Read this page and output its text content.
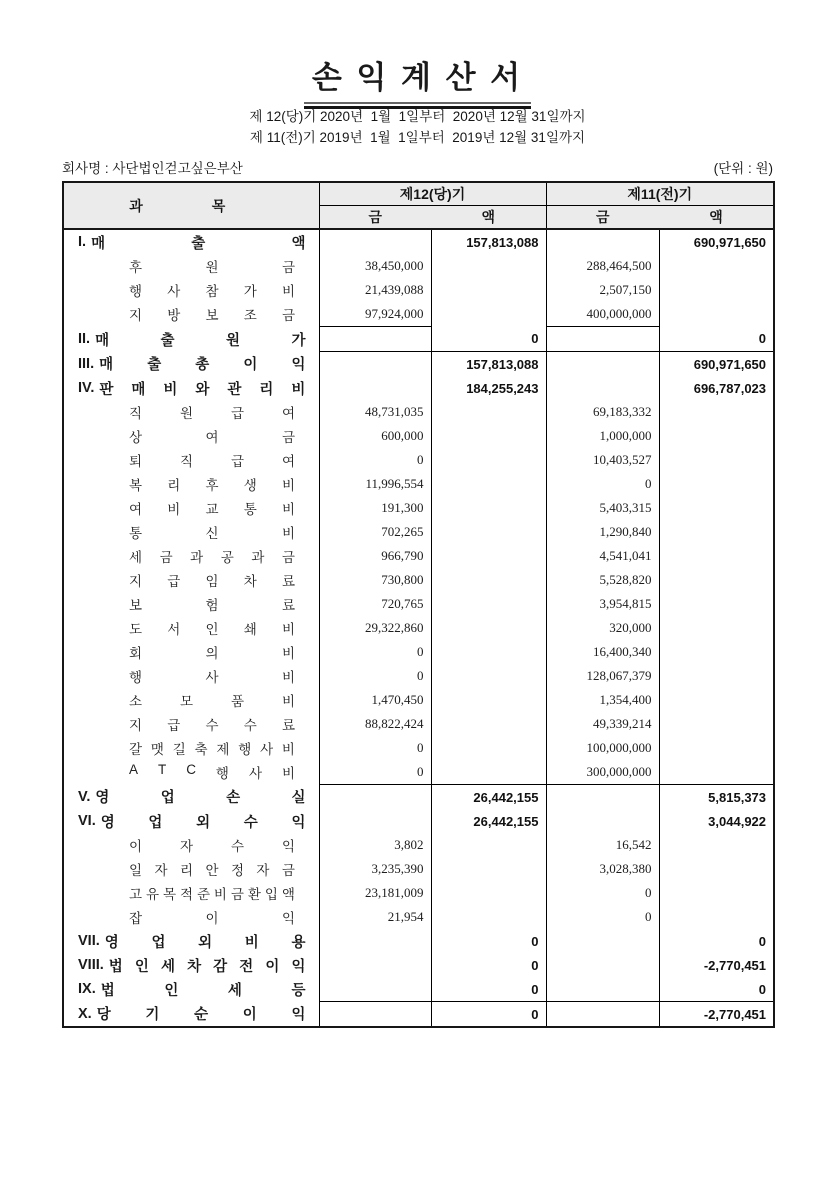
손 익 계 산 서
제 12(당)기 2020년  1월  1일부터  2020년 12월 31일까지
제 11(전)기 2019년  1월  1일부터  2019년 12월 31일까지
회사명 : 사단법인걷고싶은부산	(단위 : 원)
과 목	제12(당)기		제11(전)기	
	금	액	금	액

I. 매 출 액		157,813,088		690,971,650

후 원 금	38,450,000		288,464,500	

행 사 참 가 비	21,439,088		2,507,150	

지 방 보 조 금	97,924,000		400,000,000	

II. 매 출 원 가		0		0

III. 매 출 총 이 익		157,813,088		690,971,650

IV. 판 매 비 와 관 리 비		184,255,243		696,787,023

직 원 급 여	48,731,035		69,183,332	

상 여 금	600,000		1,000,000	

퇴 직 급 여	0		10,403,527	

복 리 후 생 비	11,996,554		0	

여 비 교 통 비	191,300		5,403,315	

통 신 비	702,265		1,290,840	

세 금 과 공 과 금	966,790		4,541,041

지 급 임 차 료	730,800		5,528,820	

보 험 료	720,765		3,954,815	

도 서 인 쇄 비	29,322,860		320,000	

회 의 비	0		16,400,340	

행 사 비	0		128,067,379	

소 모 품 비	1,470,450		1,354,400	

지 급 수 수 료	88,822,424		49,339,214	

갈 맷 길 축 제 행 사 비	0		100,000,000

A T C 행 사 비	0		300,000,000

V. 영 업 손 실		26,442,155		5,815,373

VI. 영 업 외 수 익		26,442,155		3,044,922

이 자 수 익	3,802		16,542	

일 자 리 안 정 자 금	3,235,390		3,028,380

고 유 목 적 준 비 금 환 입 액	23,181,009		0

잡 이 익	21,954		0	

VII. 영 업 외 비 용		0		0

VIII. 법 인 세 차 감 전 이 익		0		-2,770,451

IX. 법 인 세 등		0		0

X. 당 기 순 이 익		0		-2,770,451
